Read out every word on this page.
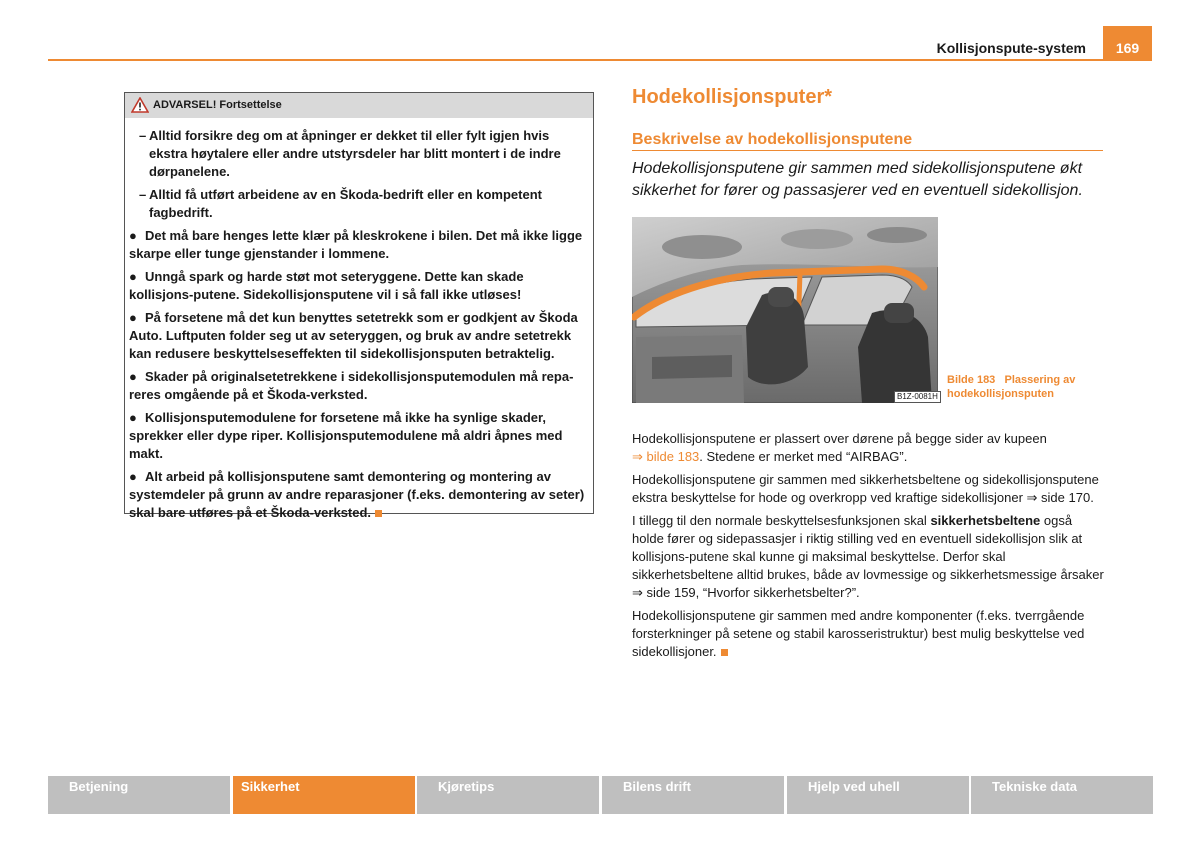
Kollisjonspute-system	169
ADVARSEL! Fortsettelse

– Alltid forsikre deg om at åpninger er dekket til eller fylt igjen hvis ekstra høytalere eller andre utstyrsdeler har blitt montert i de indre dørpanelene.

– Alltid få utført arbeidene av en Škoda-bedrift eller en kompetent fagbedrift.

● Det må bare henges lette klær på kleskrokene i bilen. Det må ikke ligge skarpe eller tunge gjenstander i lommene.

● Unngå spark og harde støt mot seteryggene. Dette kan skade kollisjons-putene. Sidekollisjonsputene vil i så fall ikke utløses!

● På forsetene må det kun benyttes setetrekk som er godkjent av Škoda Auto. Luftputen folder seg ut av seteryggen, og bruk av andre setetrekk kan redusere beskyttelseseffekten til sidekollisjonsputen betraktelig.

● Skader på originalsetetrekkene i sidekollisjonsputemodulen må repa-reres omgående på et Škoda-verksted.

● Kollisjonsputemodulene for forsetene må ikke ha synlige skader, sprekker eller dype riper. Kollisjonsputemodulene må aldri åpnes med makt.

● Alt arbeid på kollisjonsputene samt demontering og montering av systemdeler på grunn av andre reparasjoner (f.eks. demontering av seter) skal bare utføres på et Škoda-verksted.

Hodekollisjonsputer*
Beskrivelse av hodekollisjonsputene
Hodekollisjonsputene gir sammen med sidekollisjonsputene økt sikkerhet for fører og passasjerer ved en eventuell sidekollisjon.
B1Z-0081H
Bilde 183 Plassering av hodekollisjonsputen

Hodekollisjonsputene er plassert over dørene på begge sider av kupeen
⇒ bilde 183. Stedene er merket med “AIRBAG”.

Hodekollisjonsputene gir sammen med sikkerhetsbeltene og sidekollisjonsputene ekstra beskyttelse for hode og overkropp ved kraftige sidekollisjoner ⇒ side 170.

I tillegg til den normale beskyttelsesfunksjonen skal sikkerhetsbeltene også holde fører og sidepassasjer i riktig stilling ved en eventuell sidekollisjon slik at kollisjons-putene skal kunne gi maksimal beskyttelse. Derfor skal sikkerhetsbeltene alltid brukes, både av lovmessige og sikkerhetsmessige årsaker ⇒ side 159, “Hvorfor sikkerhetsbelter?”.

Hodekollisjonsputene gir sammen med andre komponenter (f.eks. tverrgående forsterkninger på setene og stabil karosseristruktur) best mulig beskyttelse ved sidekollisjoner.

Betjening	Sikkerhet	Kjøretips	Bilens drift	Hjelp ved uhell	Tekniske data
